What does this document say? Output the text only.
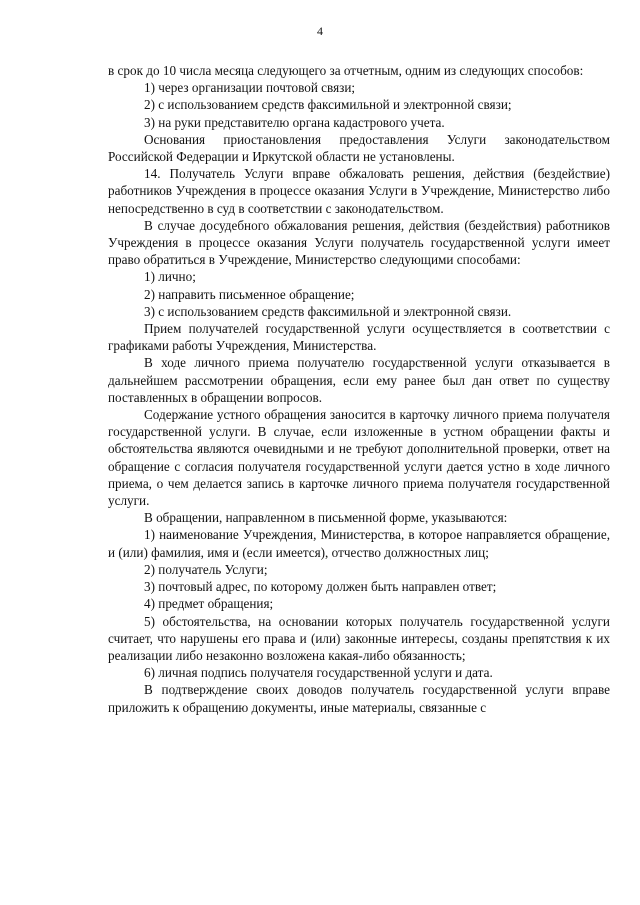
4

в срок до 10 числа месяца следующего за отчетным, одним из следующих способов:

1) через организации почтовой связи;

2) с использованием средств факсимильной и электронной связи;

3) на руки представителю органа кадастрового учета.

Основания приостановления предоставления Услуги законодательством Российской Федерации и Иркутской области не установлены.

14. Получатель Услуги вправе обжаловать решения, действия (бездействие) работников Учреждения в процессе оказания Услуги в Учреждение, Министерство либо непосредственно в суд в соответствии с законодательством.

В случае досудебного обжалования решения, действия (бездействия) работников Учреждения в процессе оказания Услуги получатель государственной услуги имеет право обратиться в Учреждение, Министерство следующими способами:

1) лично;

2) направить письменное обращение;

3) с использованием средств факсимильной и электронной связи.

Прием получателей государственной услуги осуществляется в соответствии с графиками работы Учреждения, Министерства.

В ходе личного приема получателю государственной услуги отказывается в дальнейшем рассмотрении обращения, если ему ранее был дан ответ по существу поставленных в обращении вопросов.

Содержание устного обращения заносится в карточку личного приема получателя государственной услуги. В случае, если изложенные в устном обращении факты и обстоятельства являются очевидными и не требуют дополнительной проверки, ответ на обращение с согласия получателя государственной услуги дается устно в ходе личного приема, о чем делается запись в карточке личного приема получателя государственной услуги.

В обращении, направленном в письменной форме, указываются:

1) наименование Учреждения, Министерства, в которое направляется обращение, и (или) фамилия, имя и (если имеется), отчество должностных лиц;

2) получатель Услуги;

3) почтовый адрес, по которому должен быть направлен ответ;

4) предмет обращения;

5) обстоятельства, на основании которых получатель государственной услуги считает, что нарушены его права и (или) законные интересы, созданы препятствия к их реализации либо незаконно возложена какая-либо обязанность;

6) личная подпись получателя государственной услуги и дата.

В подтверждение своих доводов получатель государственной услуги вправе приложить к обращению документы, иные материалы, связанные с
